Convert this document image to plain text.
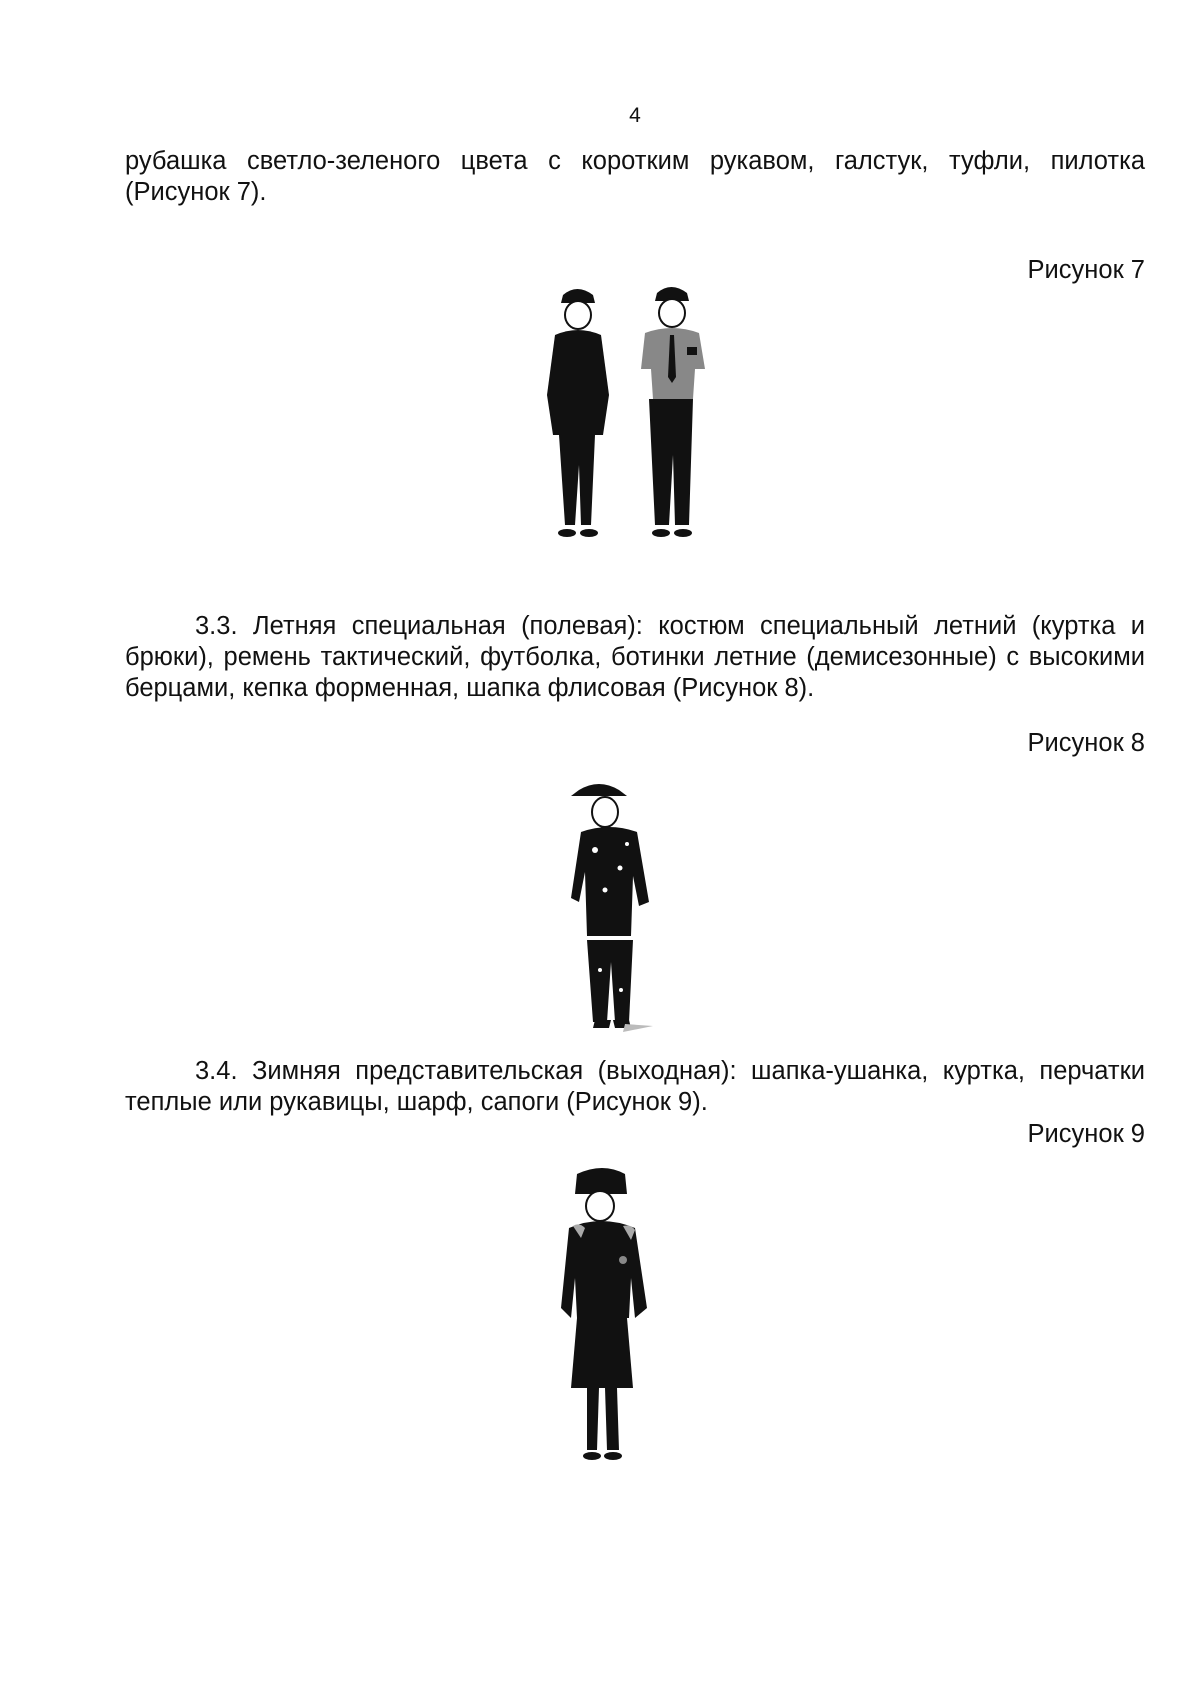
4

рубашка светло-зеленого цвета с коротким рукавом, галстук, туфли, пилотка (Рисунок 7).

Рисунок 7

3.3. Летняя специальная (полевая): костюм специальный летний (куртка и брюки), ремень тактический, футболка, ботинки летние (демисезонные) с высокими берцами, кепка форменная, шапка флисовая (Рисунок 8).

Рисунок 8

3.4. Зимняя представительская (выходная): шапка-ушанка, куртка, перчатки теплые или рукавицы, шарф, сапоги (Рисунок 9).

Рисунок 9
